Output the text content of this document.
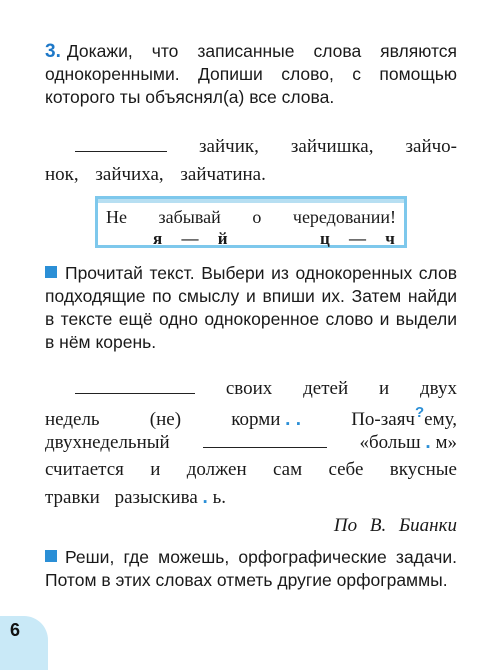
3. Докажи, что записанные слова являются однокоренными. Допиши слово, с помощью которого ты объяснял(а) все слова.
зайчик, зайчишка, зайчо-
нок, зайчиха, зайчатина.
Не забывай о чередовании!
я — й	ц — ч
Прочитай текст. Выбери из однокоренных слов подходящие по смыслу и впиши их. Затем найди в тексте ещё одно однокоренное слово и выдели в нём корень.
своих детей и двух
недель	(не)	корми . .	По-заяч?ему,
двухнедельный	«больш . м»
считается и должен сам себе вкусные
травки разыскива . ь.
По В. Бианки
Реши, где можешь, орфографические задачи. Потом в этих словах отметь другие орфограммы.
6
